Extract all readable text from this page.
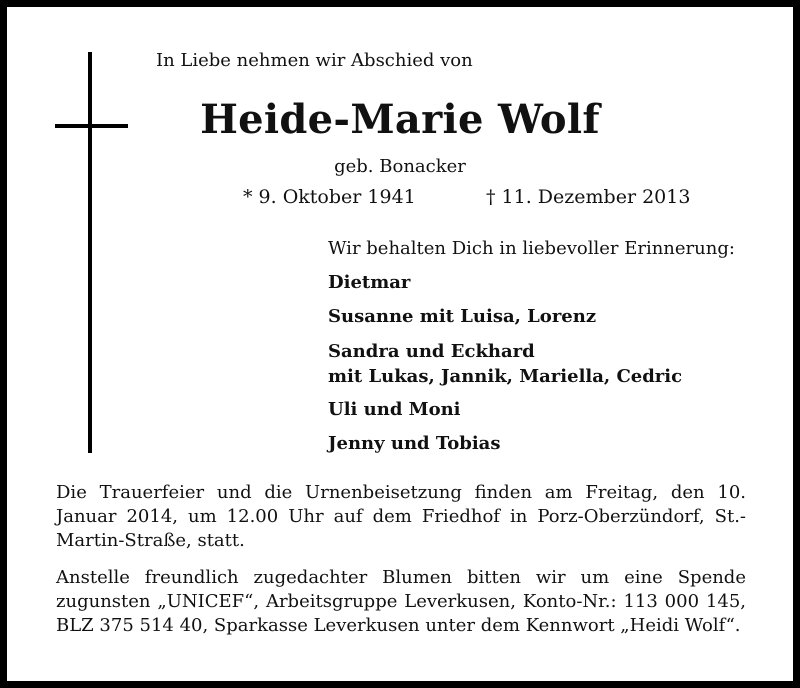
In Liebe nehmen wir Abschied von
Heide-Marie Wolf
geb. Bonacker
* 9. Oktober 1941	† 11. Dezember 2013
Wir behalten Dich in liebevoller Erinnerung:
Dietmar
Susanne mit Luisa, Lorenz
Sandra und Eckhard
mit Lukas, Jannik, Mariella, Cedric
Uli und Moni
Jenny und Tobias
Die Trauerfeier und die Urnenbeisetzung finden am Freitag, den 10. Januar 2014, um 12.00 Uhr auf dem Friedhof in Porz-Oberzündorf, St.-Martin-Straße, statt.
Anstelle freundlich zugedachter Blumen bitten wir um eine Spende zugunsten „UNICEF“, Arbeitsgruppe Leverkusen, Konto-Nr.: 113 000 145, BLZ 375 514 40, Sparkasse Leverkusen unter dem Kennwort „Heidi Wolf“.
